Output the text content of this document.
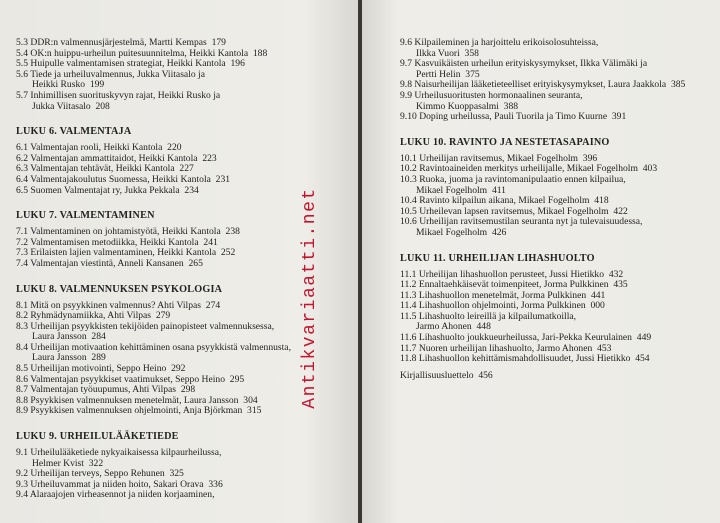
5.3 DDR:n valmennusjärjestelmä, Martti Kempas  179
5.4 OK:n huippu-urheilun puitesuunnitelma, Heikki Kantola  188
5.5 Huipulle valmentamisen strategiat, Heikki Kantola  196
5.6 Tiede ja urheiluvalmennus, Jukka Viitasalo ja
Heikki Rusko  199
5.7 Inhimillisen suorituskyvyn rajat, Heikki Rusko ja
Jukka Viitasalo  208
LUKU 6. VALMENTAJA
6.1 Valmentajan rooli, Heikki Kantola  220
6.2 Valmentajan ammattitaidot, Heikki Kantola  223
6.3 Valmentajan tehtävät, Heikki Kantola  227
6.4 Valmentajakoulutus Suomessa, Heikki Kantola  231
6.5 Suomen Valmentajat ry, Jukka Pekkala  234
LUKU 7. VALMENTAMINEN
7.1 Valmentaminen on johtamistyötä, Heikki Kantola  238
7.2 Valmentamisen metodiikka, Heikki Kantola  241
7.3 Erilaisten lajien valmentaminen, Heikki Kantola  252
7.4 Valmentajan viestintä, Anneli Kansanen  265
LUKU 8. VALMENNUKSEN PSYKOLOGIA
8.1 Mitä on psyykkinen valmennus? Ahti Vilpas  274
8.2 Ryhmädynamiikka, Ahti Vilpas  279
8.3 Urheilijan psyykkisten tekijöiden painopisteet valmennuksessa,
Laura Jansson  284
8.4 Urheilijan motivaation kehittäminen osana psyykkistä valmennusta,
Laura Jansson  289
8.5 Urheilijan motivointi, Seppo Heino  292
8.6 Valmentajan psyykkiset vaatimukset, Seppo Heino  295
8.7 Valmentajan työuupumus, Ahti Vilpas  298
8.8 Psyykkisen valmennuksen menetelmät, Laura Jansson  304
8.9 Psyykkisen valmennuksen ohjelmointi, Anja Björkman  315
LUKU 9. URHEILULÄÄKETIEDE
9.1 Urheilulääketiede nykyaikaisessa kilpaurheilussa,
Helmer Kvist  322
9.2 Urheilijan terveys, Seppo Rehunen  325
9.3 Urheiluvammat ja niiden hoito, Sakari Orava  336
9.4 Alaraajojen virheasennot ja niiden korjaaminen,
9.6 Kilpaileminen ja harjoittelu erikoisolosuhteissa,
Ilkka Vuori  358
9.7 Kasvuikäisten urheilun erityiskysymykset, Ilkka Välimäki ja
Pertti Helin  375
9.8 Naisurheilijan lääketieteelliset erityiskysymykset, Laura Jaakkola  385
9.9 Urheilusuoritusten hormonaalinen seuranta,
Kimmo Kuoppasalmi  388
9.10 Doping urheilussa, Pauli Tuorila ja Timo Kuurne  391
LUKU 10. RAVINTO JA NESTETASAPAINO
10.1 Urheilijan ravitsemus, Mikael Fogelholm  396
10.2 Ravintoaineiden merkitys urheilijalle, Mikael Fogelholm  403
10.3 Ruoka, juoma ja ravintomanipulaatio ennen kilpailua,
Mikael Fogelholm  411
10.4 Ravinto kilpailun aikana, Mikael Fogelholm  418
10.5 Urheilevan lapsen ravitsemus, Mikael Fogelholm  422
10.6 Urheilijan ravitsemustilan seuranta nyt ja tulevaisuudessa,
Mikael Fogelholm  426
LUKU 11. URHEILIJAN LIHASHUOLTO
11.1 Urheilijan lihashuollon perusteet, Jussi Hietikko  432
11.2 Ennaltaehkäisevät toimenpiteet, Jorma Pulkkinen  435
11.3 Lihashuollon menetelmät, Jorma Pulkkinen  441
11.4 Lihashuollon ohjelmointi, Jorma Pulkkinen  000
11.5 Lihashuolto leireillä ja kilpailumatkoilla,
Jarmo Ahonen  448
11.6 Lihashuolto joukkueurheilussa, Jari-Pekka Keurulainen  449
11.7 Nuoren urheilijan lihashuolto, Jarmo Ahonen  453
11.8 Lihashuollon kehittämismahdollisuudet, Jussi Hietikko  454
Kirjallisuusluettelo  456
Antikvariaatti.net
